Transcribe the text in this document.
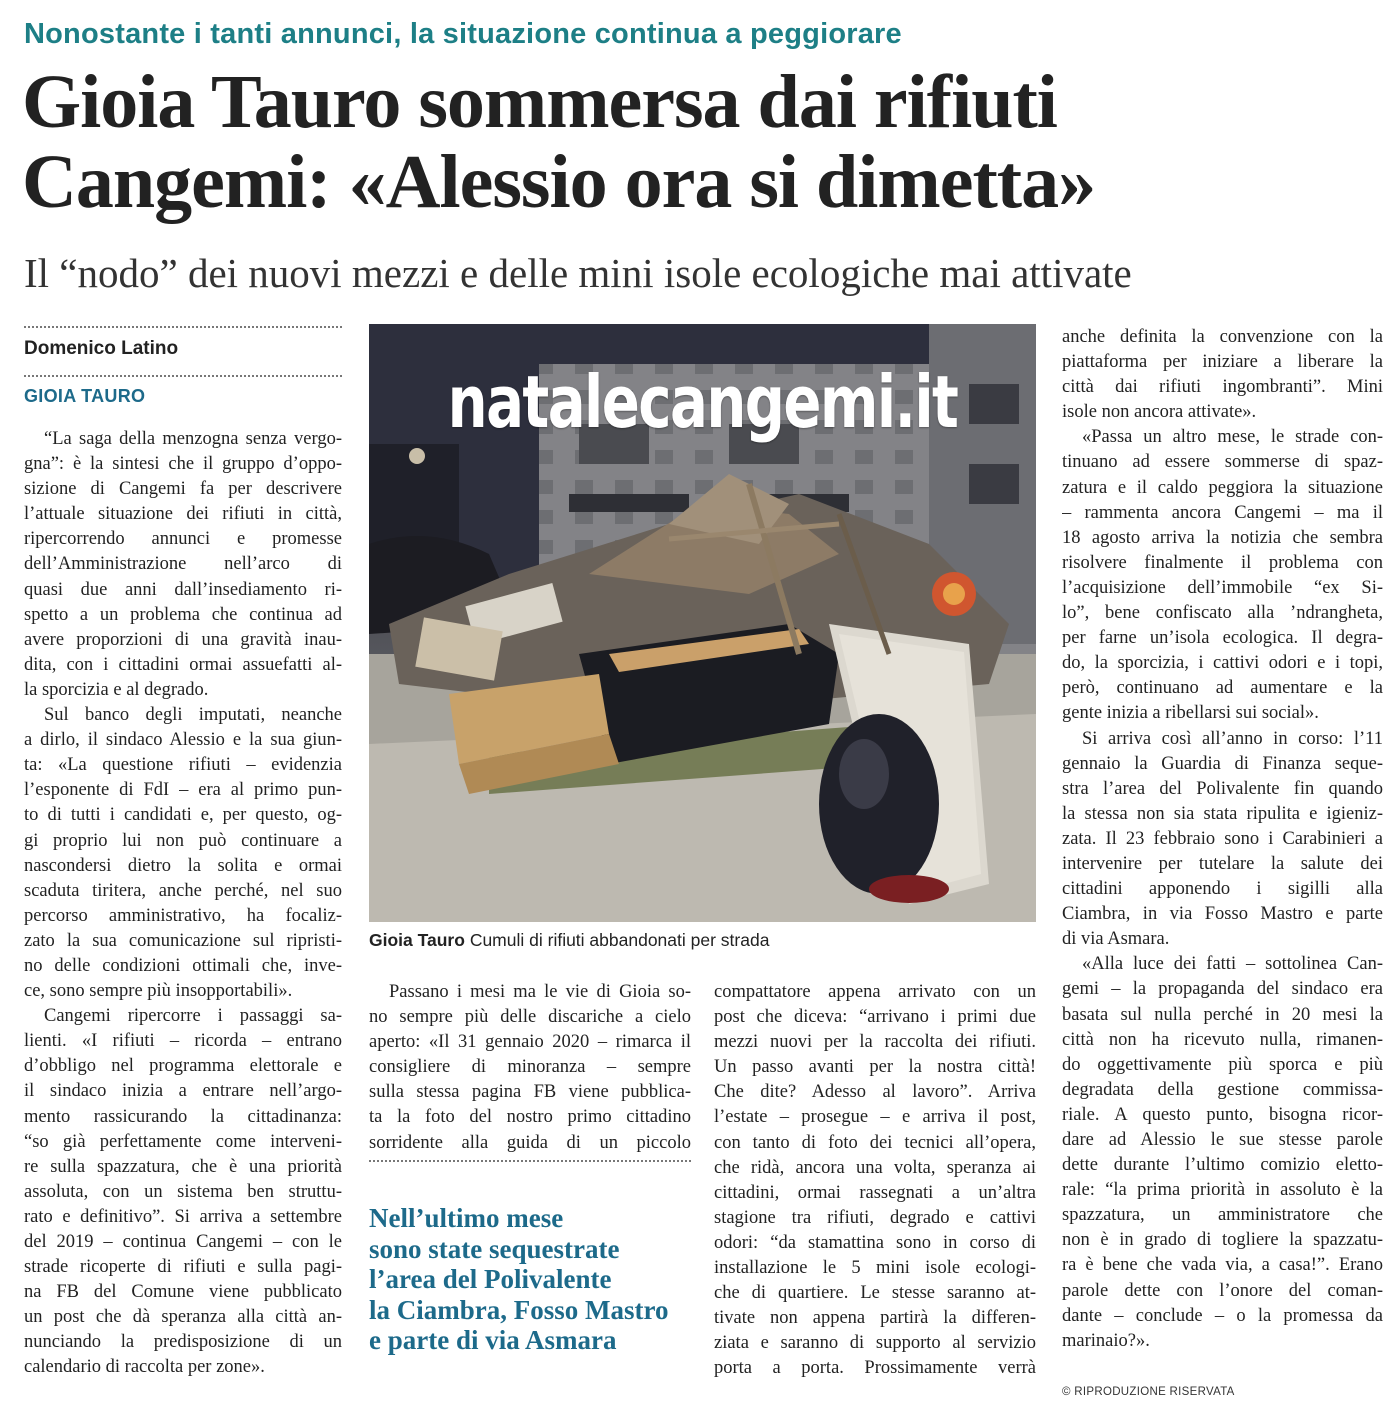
Nonostante i tanti annunci, la situazione continua a peggiorare
Gioia Tauro sommersa dai rifiuti
Cangemi: «Alessio ora si dimetta»
Il “nodo” dei nuovi mezzi e delle mini isole ecologiche mai attivate
Domenico Latino
GIOIA TAURO
“La saga della menzogna senza vergo-
gna”: è la sintesi che il gruppo d’oppo-
sizione di Cangemi fa per descrivere
l’attuale situazione dei rifiuti in città,
ripercorrendo annunci e promesse
dell’Amministrazione nell’arco di
quasi due anni dall’insediamento ri-
spetto a un problema che continua ad
avere proporzioni di una gravità inau-
dita, con i cittadini ormai assuefatti al-
la sporcizia e al degrado.
Sul banco degli imputati, neanche
a dirlo, il sindaco Alessio e la sua giun-
ta: «La questione rifiuti – evidenzia
l’esponente di FdI – era al primo pun-
to di tutti i candidati e, per questo, og-
gi proprio lui non può continuare a
nascondersi dietro la solita e ormai
scaduta tiritera, anche perché, nel suo
percorso amministrativo, ha focaliz-
zato la sua comunicazione sul ripristi-
no delle condizioni ottimali che, inve-
ce, sono sempre più insopportabili».
Cangemi ripercorre i passaggi sa-
lienti. «I rifiuti – ricorda – entrano
d’obbligo nel programma elettorale e
il sindaco inizia a entrare nell’argo-
mento rassicurando la cittadinanza:
“so già perfettamente come interveni-
re sulla spazzatura, che è una priorità
assoluta, con un sistema ben struttu-
rato e definitivo”. Si arriva a settembre
del 2019 – continua Cangemi – con le
strade ricoperte di rifiuti e sulla pagi-
na FB del Comune viene pubblicato
un post che dà speranza alla città an-
nunciando la predisposizione di un
calendario di raccolta per zone».
natalecangemi.it
Gioia Tauro Cumuli di rifiuti abbandonati per strada
Passano i mesi ma le vie di Gioia so-
no sempre più delle discariche a cielo
aperto: «Il 31 gennaio 2020 – rimarca il
consigliere di minoranza – sempre
sulla stessa pagina FB viene pubblica-
ta la foto del nostro primo cittadino
sorridente alla guida di un piccolo
Nell’ultimo mese
sono state sequestrate
l’area del Polivalente
la Ciambra, Fosso Mastro
e parte di via Asmara
compattatore appena arrivato con un
post che diceva: “arrivano i primi due
mezzi nuovi per la raccolta dei rifiuti.
Un passo avanti per la nostra città!
Che dite? Adesso al lavoro”. Arriva
l’estate – prosegue – e arriva il post,
con tanto di foto dei tecnici all’opera,
che ridà, ancora una volta, speranza ai
cittadini, ormai rassegnati a un’altra
stagione tra rifiuti, degrado e cattivi
odori: “da stamattina sono in corso di
installazione le 5 mini isole ecologi-
che di quartiere. Le stesse saranno at-
tivate non appena partirà la differen-
ziata e saranno di supporto al servizio
porta a porta. Prossimamente verrà
anche definita la convenzione con la
piattaforma per iniziare a liberare la
città dai rifiuti ingombranti”. Mini
isole non ancora attivate».
«Passa un altro mese, le strade con-
tinuano ad essere sommerse di spaz-
zatura e il caldo peggiora la situazione
– rammenta ancora Cangemi – ma il
18 agosto arriva la notizia che sembra
risolvere finalmente il problema con
l’acquisizione dell’immobile “ex Si-
lo”, bene confiscato alla ’ndrangheta,
per farne un’isola ecologica. Il degra-
do, la sporcizia, i cattivi odori e i topi,
però, continuano ad aumentare e la
gente inizia a ribellarsi sui social».
Si arriva così all’anno in corso: l’11
gennaio la Guardia di Finanza seque-
stra l’area del Polivalente fin quando
la stessa non sia stata ripulita e igieniz-
zata. Il 23 febbraio sono i Carabinieri a
intervenire per tutelare la salute dei
cittadini apponendo i sigilli alla
Ciambra, in via Fosso Mastro e parte
di via Asmara.
«Alla luce dei fatti – sottolinea Can-
gemi – la propaganda del sindaco era
basata sul nulla perché in 20 mesi la
città non ha ricevuto nulla, rimanen-
do oggettivamente più sporca e più
degradata della gestione commissa-
riale. A questo punto, bisogna ricor-
dare ad Alessio le sue stesse parole
dette durante l’ultimo comizio eletto-
rale: “la prima priorità in assoluto è la
spazzatura, un amministratore che
non è in grado di togliere la spazzatu-
ra è bene che vada via, a casa!”. Erano
parole dette con l’onore del coman-
dante – conclude – o la promessa da
marinaio?».
© RIPRODUZIONE RISERVATA
